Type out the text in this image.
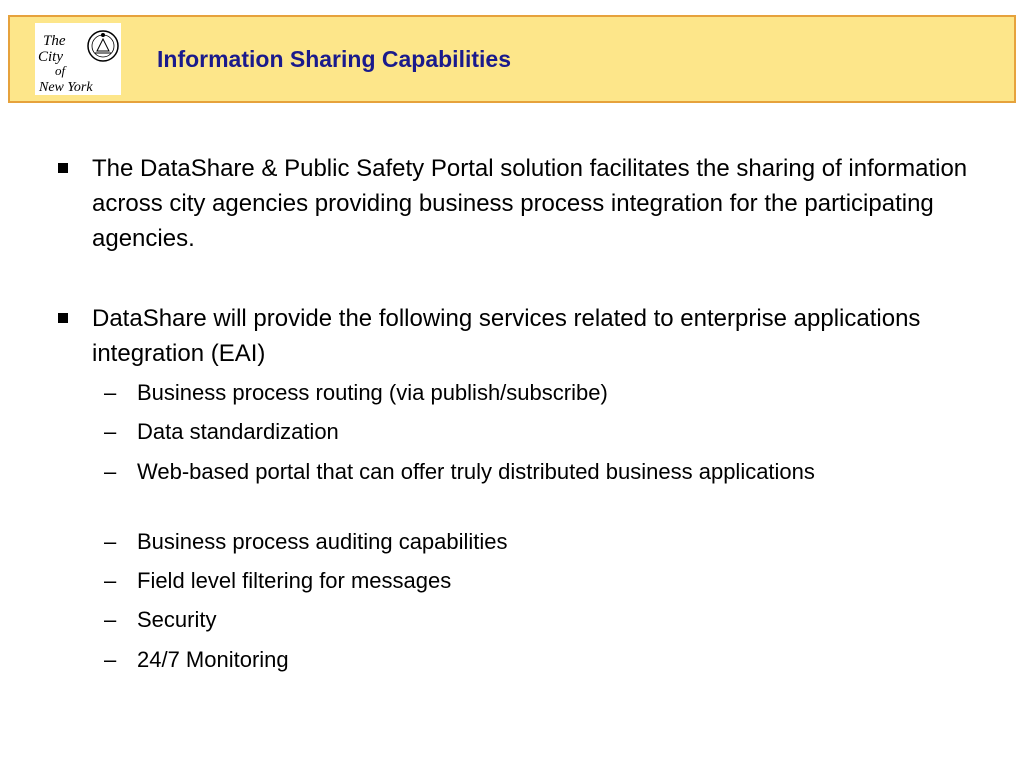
The
City
of
New York
Information Sharing Capabilities
The DataShare & Public Safety Portal solution facilitates the sharing of information across city agencies providing business process integration for the participating agencies.
DataShare will provide the following services related to enterprise applications integration (EAI)
– Business process routing (via publish/subscribe)
– Data standardization
– Web-based portal that can offer truly distributed business applications
– Business process auditing capabilities
– Field level filtering for messages
– Security
– 24/7 Monitoring
